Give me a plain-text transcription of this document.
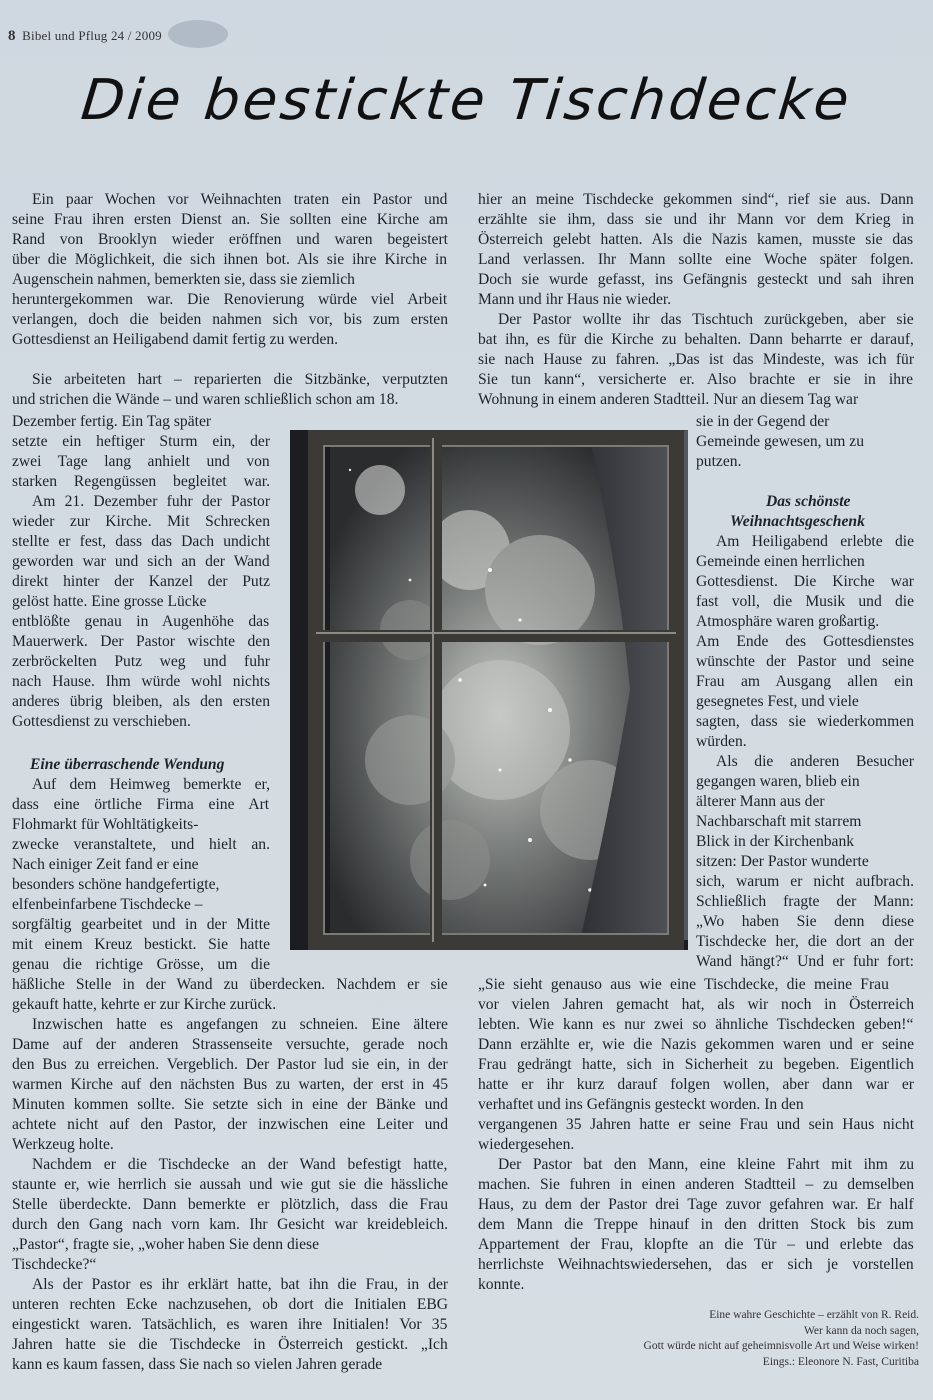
8 Bibel und Pflug 24 / 2009
Die bestickte Tischdecke
Ein paar Wochen vor Weihnachten traten ein Pastor und
seine Frau ihren ersten Dienst an. Sie sollten eine Kirche am
Rand von Brooklyn wieder eröffnen und waren begeistert
über die Möglichkeit, die sich ihnen bot. Als sie ihre Kirche in
Augenschein nahmen, bemerkten sie, dass sie ziemlich
heruntergekommen war. Die Renovierung würde viel Arbeit
verlangen, doch die beiden nahmen sich vor, bis zum ersten
Gottesdienst an Heiligabend damit fertig zu werden.
Sie arbeiteten hart – reparierten die Sitzbänke, verputzten
und strichen die Wände – und waren schließlich schon am 18.
Dezember fertig. Ein Tag später
setzte ein heftiger Sturm ein, der
zwei Tage lang anhielt und von
starken Regengüssen begleitet war.
Am 21. Dezember fuhr der Pastor
wieder zur Kirche. Mit Schrecken
stellte er fest, dass das Dach undicht
geworden war und sich an der Wand
direkt hinter der Kanzel der Putz
gelöst hatte. Eine grosse Lücke
entblößte genau in Augenhöhe das
Mauerwerk. Der Pastor wischte den
zerbröckelten Putz weg und fuhr
nach Hause. Ihm würde wohl nichts
anderes übrig bleiben, als den ersten
Gottesdienst zu verschieben.
Eine überraschende Wendung
Auf dem Heimweg bemerkte er,
dass eine örtliche Firma eine Art
Flohmarkt für Wohltätigkeits-
zwecke veranstaltete, und hielt an.
Nach einiger Zeit fand er eine
besonders schöne handgefertigte,
elfenbeinfarbene Tischdecke –
sorgfältig gearbeitet und in der Mitte
mit einem Kreuz bestickt. Sie hatte
genau die richtige Grösse, um die
häßliche Stelle in der Wand zu überdecken. Nachdem er sie
gekauft hatte, kehrte er zur Kirche zurück.
Inzwischen hatte es angefangen zu schneien. Eine ältere
Dame auf der anderen Strassenseite versuchte, gerade noch
den Bus zu erreichen. Vergeblich. Der Pastor lud sie ein, in der
warmen Kirche auf den nächsten Bus zu warten, der erst in 45
Minuten kommen sollte. Sie setzte sich in eine der Bänke und
achtete nicht auf den Pastor, der inzwischen eine Leiter und
Werkzeug holte.
Nachdem er die Tischdecke an der Wand befestigt hatte,
staunte er, wie herrlich sie aussah und wie gut sie die hässliche
Stelle überdeckte. Dann bemerkte er plötzlich, dass die Frau
durch den Gang nach vorn kam. Ihr Gesicht war kreidebleich.
„Pastor“, fragte sie, „woher haben Sie denn diese
Tischdecke?“
Als der Pastor es ihr erklärt hatte, bat ihn die Frau, in der
unteren rechten Ecke nachzusehen, ob dort die Initialen EBG
eingestickt waren. Tatsächlich, es waren ihre Initialen! Vor 35
Jahren hatte sie die Tischdecke in Österreich gestickt. „Ich
kann es kaum fassen, dass Sie nach so vielen Jahren gerade
hier an meine Tischdecke gekommen sind“, rief sie aus. Dann
erzählte sie ihm, dass sie und ihr Mann vor dem Krieg in
Österreich gelebt hatten. Als die Nazis kamen, musste sie das
Land verlassen. Ihr Mann sollte eine Woche später folgen.
Doch sie wurde gefasst, ins Gefängnis gesteckt und sah ihren
Mann und ihr Haus nie wieder.
Der Pastor wollte ihr das Tischtuch zurückgeben, aber sie
bat ihn, es für die Kirche zu behalten. Dann beharrte er darauf,
sie nach Hause zu fahren. „Das ist das Mindeste, was ich für
Sie tun kann“, versicherte er. Also brachte er sie in ihre
Wohnung in einem anderen Stadtteil. Nur an diesem Tag war
sie in der Gegend der
Gemeinde gewesen, um zu
putzen.
Das schönste
Weihnachtsgeschenk
Am Heiligabend erlebte die
Gemeinde einen herrlichen
Gottesdienst. Die Kirche war
fast voll, die Musik und die
Atmosphäre waren großartig.
Am Ende des Gottesdienstes
wünschte der Pastor und seine
Frau am Ausgang allen ein
gesegnetes Fest, und viele
sagten, dass sie wiederkommen
würden.
Als die anderen Besucher
gegangen waren, blieb ein
älterer Mann aus der
Nachbarschaft mit starrem
Blick in der Kirchenbank
sitzen: Der Pastor wunderte
sich, warum er nicht aufbrach.
Schließlich fragte der Mann:
„Wo haben Sie denn diese
Tischdecke her, die dort an der
Wand hängt?“ Und er fuhr fort:
„Sie sieht genauso aus wie eine Tischdecke, die meine Frau
vor vielen Jahren gemacht hat, als wir noch in Österreich
lebten. Wie kann es nur zwei so ähnliche Tischdecken geben!“
Dann erzählte er, wie die Nazis gekommen waren und er seine
Frau gedrängt hatte, sich in Sicherheit zu begeben. Eigentlich
hatte er ihr kurz darauf folgen wollen, aber dann war er
verhaftet und ins Gefängnis gesteckt worden. In den
vergangenen 35 Jahren hatte er seine Frau und sein Haus nicht
wiedergesehen.
Der Pastor bat den Mann, eine kleine Fahrt mit ihm zu
machen. Sie fuhren in einen anderen Stadtteil – zu demselben
Haus, zu dem der Pastor drei Tage zuvor gefahren war. Er half
dem Mann die Treppe hinauf in den dritten Stock bis zum
Appartement der Frau, klopfte an die Tür – und erlebte das
herrlichste Weihnachtswiedersehen, das er sich je vorstellen
konnte.
Eine wahre Geschichte – erzählt von R. Reid.
Wer kann da noch sagen,
Gott würde nicht auf geheimnisvolle Art und Weise wirken!
Eings.: Eleonore N. Fast, Curitiba
